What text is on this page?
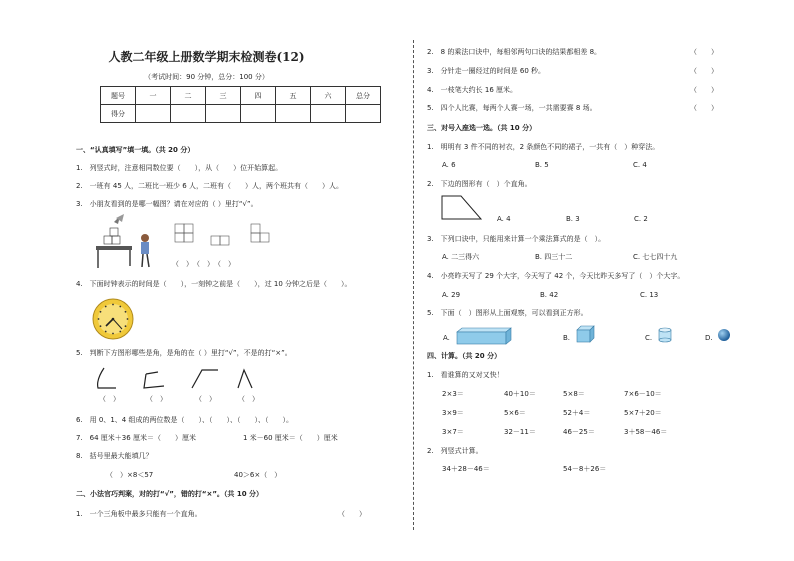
人教二年级上册数学期末检测卷(12)
（考试时间：90 分钟，总分：100 分）
题号	一	二	三	四	五	六	总分
得分							
一、“认真填写”填一填。（共 20 分）
1.　列竖式时，注意相同数位要（　　），从（　　）位开始算起。
2.　一班有 45 人，二班比一班少 6 人，二班有（　　）人，两个班共有（　　）人。
3.　小朋友看到的是哪一幅图？请在对应的（ ）里打“√”。
（　）　（　）　（　）
4.　下面时钟表示的时间是（　　），一刻钟之前是（　　），过 10 分钟之后是（　　）。
5.　判断下方图形哪些是角，是角的在（ ）里打“√”，不是的打“×”。
（　）	（　）	（　）	（　）
6.　用 0、1、4 组成的两位数是（　　）、（　　）、（　　）、（　　）。
7.　64 厘米＋36 厘米＝（　　）厘米	1 米－60 厘米＝（　　）厘米
8.　括号里最大能填几？
（　）×8＜57	40＞6×（　）
二、小法官巧判案，对的打“√”，错的打“×”。（共 10 分）
1.　一个三角板中最多只能有一个直角。	（　　）
2.　8 的乘法口诀中，每相邻两句口诀的结果都相差 8。	（　　）
3.　分针走一圈经过的时间是 60 秒。	（　　）
4.　一枝笔大约长 16 厘米。	（　　）
5.　四个人比赛，每两个人赛一场，一共需要赛 8 场。	（　　）
三、对号入座选一选。（共 10 分）
1.　明明有 3 件不同的衬衣，2 条颜色不同的裙子，一共有（　）种穿法。
A. 6	B. 5	C. 4
2.　下边的图形有（　）个直角。
A. 4	B. 3	C. 2
3.　下列口诀中，只能用来计算一个乘法算式的是（　）。
A. 二三得六	B. 四三十二	C. 七七四十九
4.　小亮昨天写了 29 个大字，今天写了 42 个，今天比昨天多写了（　）个大字。
A. 29	B. 42	C. 13
5.　下面（　）图形从上面观察，可以看到正方形。
A.	B.	C.	D.
四、计算。（共 20 分）
1.　看谁算的又对又快！
2×3＝	40＋10＝	5×8＝	7×6－10＝
3×9＝	5×6＝	52＋4＝	5×7＋20＝
3×7＝	32－11＝	46－25＝	3＋58－46＝
2.　列竖式计算。
34＋28－46＝	54－8＋26＝
